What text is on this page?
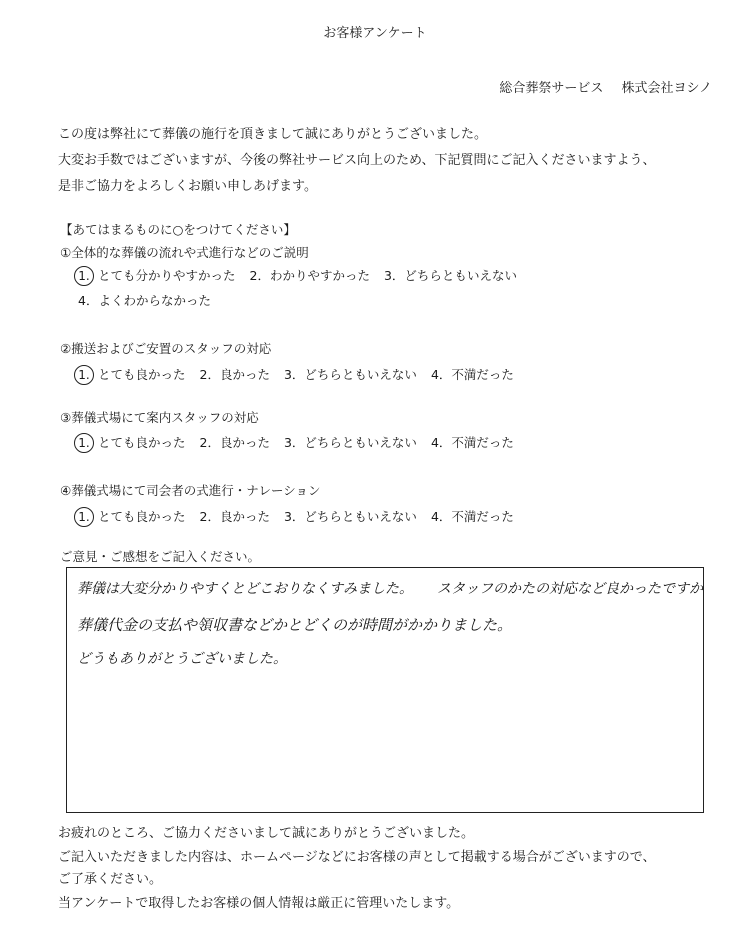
お客様アンケート
総合葬祭サービス 株式会社ヨシノ
この度は弊社にて葬儀の施行を頂きまして誠にありがとうございました。
大変お手数ではございますが、今後の弊社サービス向上のため、下記質問にご記入くださいますよう、
是非ご協力をよろしくお願い申しあげます。
【あてはまるものに○をつけてください】
①全体的な葬儀の流れや式進行などのご説明
1. とても分かりやすかった 2．わかりやすかった 3．どちらともいえない
4．よくわからなかった
②搬送およびご安置のスタッフの対応
1. とても良かった 2．良かった 3．どちらともいえない 4．不満だった
③葬儀式場にて案内スタッフの対応
1. とても良かった 2．良かった 3．どちらともいえない 4．不満だった
④葬儀式場にて司会者の式進行・ナレーション
1. とても良かった 2．良かった 3．どちらともいえない 4．不満だった
ご意見・ご感想をご記入ください。
葬儀は大変分かりやすくとどこおりなくすみました。 スタッフのかたの対応など良かったですか
葬儀代金の支払や領収書などかとどくのが時間がかかりました。
どうもありがとうございました。
お疲れのところ、ご協力くださいまして誠にありがとうございました。
ご記入いただきました内容は、ホームページなどにお客様の声として掲載する場合がございますので、
ご了承ください。
当アンケートで取得したお客様の個人情報は厳正に管理いたします。
